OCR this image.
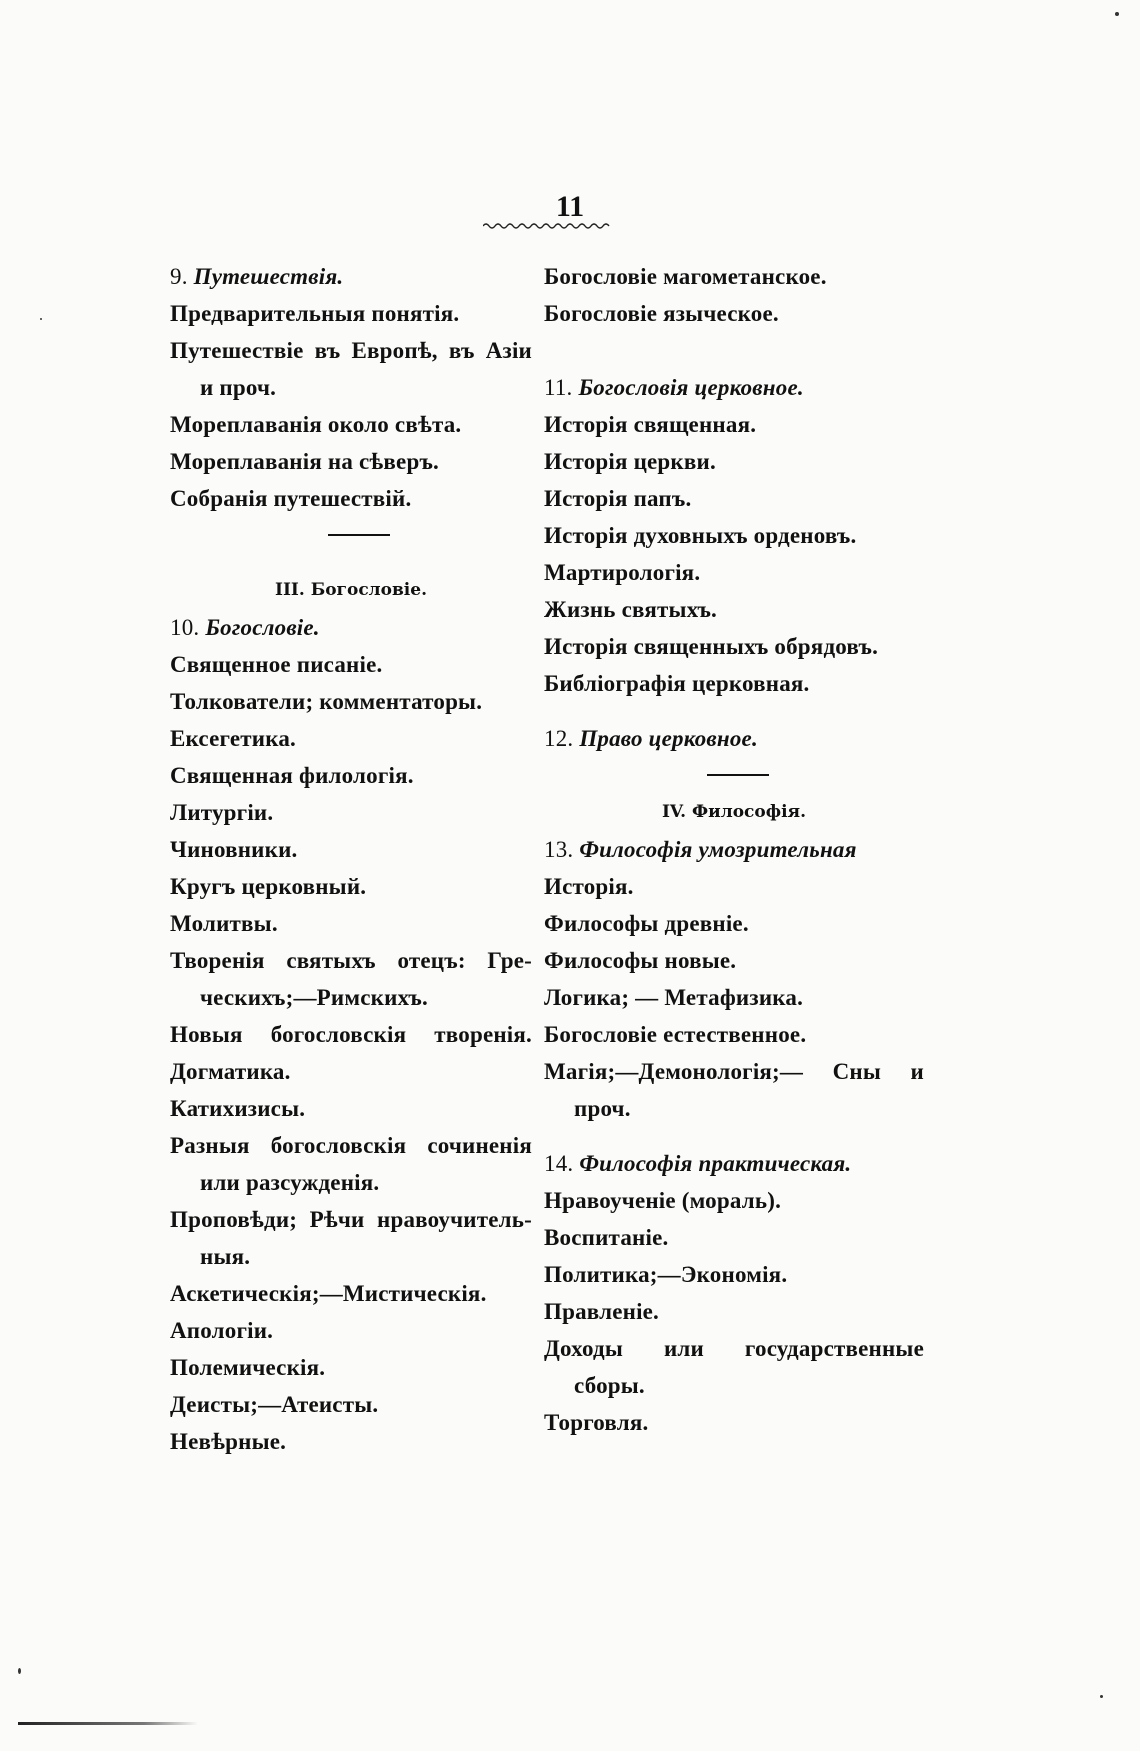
11
9. Путешествія.
Предварительныя понятія.
Путешествіе въ Европѣ, въ Азіи
и проч.
Мореплаванія около свѣта.
Мореплаванія на сѣверъ.
Собранія путешествій.
III. Богословіе.
10. Богословіе.
Священное писаніе.
Толкователи; комментаторы.
Ексегетика.
Священная филологія.
Литургіи.
Чиновники.
Кругъ церковный.
Молитвы.
Творенія святыхъ отецъ: Гре-
ческихъ;—Римскихъ.
Новыя богословскія творенія.
Догматика.
Катихизисы.
Разныя богословскія сочиненія
или разсужденія.
Проповѣди; Рѣчи нравоучитель-
ныя.
Аскетическія;—Мистическія.
Апологіи.
Полемическія.
Деисты;—Атеисты.
Невѣрные.
Богословіе магометанское.
Богословіе языческое.
11. Богословія церковное.
Исторія священная.
Исторія церкви.
Исторія папъ.
Исторія духовныхъ орденовъ.
Мартирологія.
Жизнь святыхъ.
Исторія священныхъ обрядовъ.
Библіографія церковная.
12. Право церковное.
IV. Философія.
13. Философія умозрительная
Исторія.
Философы древніе.
Философы новые.
Логика; — Метафизика.
Богословіе естественное.
Магія;—Демонологія;— Сны и
проч.
14. Философія практическая.
Нравоученіе (мораль).
Воспитаніе.
Политика;—Экономія.
Правленіе.
Доходы или государственные
сборы.
Торговля.
